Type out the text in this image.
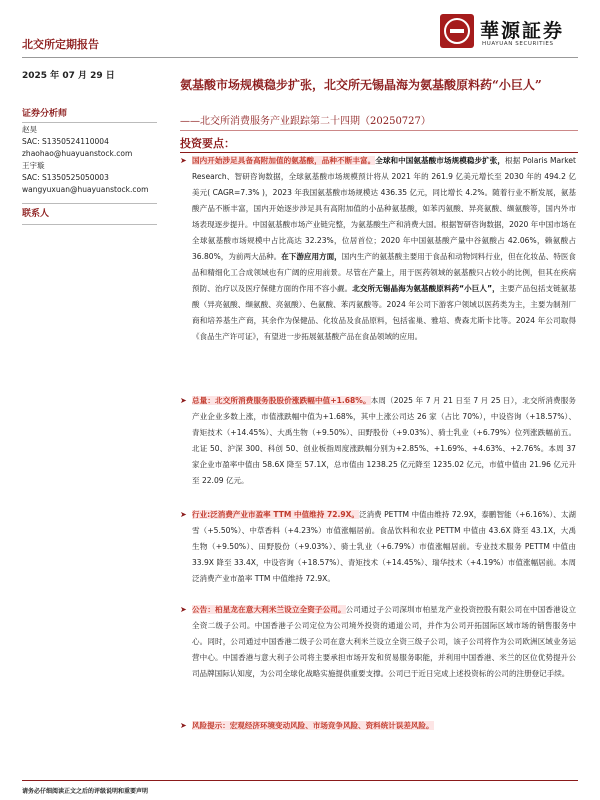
北交所定期报告
華源証券
HUAYUAN SECURITIES
2025 年 07 月 29 日
证券分析师
赵昊
SAC: S1350524110004
zhaohao@huayuanstock.com
王宇璇
SAC: S1350525050003
wangyuxuan@huayuanstock.com
联系人
氨基酸市场规模稳步扩张，北交所无锡晶海为氨基酸原料药“小巨人”
——北交所消费服务产业跟踪第二十四期（20250727）
投资要点：
➤ 国内开始涉足具备高附加值的氨基酸，品种不断丰富。全球和中国氨基酸市场规模稳步扩张，根据 Polaris Market Research、智研咨询数据，全球氨基酸市场规模预计将从 2021 年的 261.9 亿美元增长至 2030 年的 494.2 亿美元( CAGR=7.3% )，2023 年我国氨基酸市场规模达 436.35 亿元，同比增长 4.2%。随着行业不断发展，氨基酸产品不断丰富，国内开始逐步涉足具有高附加值的小品种氨基酸，如苯丙氨酸、异亮氨酸、缬氨酸等，国内外市场表现逐步提升。中国氨基酸市场产业链完整，为氨基酸生产和消费大国。根据智研咨询数据，2020 年中国市场在全球氨基酸市场规模中占比高达 32.23%，位居首位；2020 年中国氨基酸产量中谷氨酸占 42.06%，赖氨酸占 36.80%，为前两大品种。在下游应用方面，国内生产的氨基酸主要用于食品和动物饲料行业，但在化妆品、特医食品和精细化工合成领域也有广阔的应用前景。尽管在产量上，用于医药领域的氨基酸只占较小的比例，但其在疾病预防、治疗以及医疗保健方面的作用不容小觑。北交所无锡晶海为氨基酸原料药“小巨人”，主要产品包括支链氨基酸（异亮氨酸、缬氨酸、亮氨酸）、色氨酸、苯丙氨酸等。2024 年公司下游客户领域以医药类为主，主要为制剂厂商和培养基生产商，其余作为保健品、化妆品及食品原料，包括雀巢、雅培、费森尤斯卡比等。2024 年公司取得《食品生产许可证》，有望进一步拓展氨基酸产品在食品领域的应用。
➤ 总量：北交所消费服务股股价涨跌幅中值+1.68%。本周（2025 年 7 月 21 日至 7 月 25 日），北交所消费服务产业企业多数上涨，市值涨跌幅中值为+1.68%，其中上涨公司达 26 家（占比 70%），中设咨询（+18.57%）、青矩技术（+14.45%）、大禹生物（+9.50%）、田野股份（+9.03%）、骑士乳业（+6.79%）位列涨跌幅前五。北证 50、沪深 300、科创 50、创业板指周度涨跌幅分别为+2.85%、+1.69%、+4.63%、+2.76%。本周 37 家企业市盈率中值由 58.6X 降至 57.1X，总市值由 1238.25 亿元降至 1235.02 亿元，市值中值由 21.96 亿元升至 22.09 亿元。
➤ 行业:泛消费产业市盈率 TTM 中值维持 72.9X。泛消费 PETTM 中值由维持 72.9X，泰鹏智能（+6.16%）、太湖雪（+5.50%）、中草香料（+4.23%）市值涨幅居前。食品饮料和农业 PETTM 中值由 43.6X 降至 43.1X，大禹生物（+9.50%）、田野股份（+9.03%）、骑士乳业（+6.79%）市值涨幅居前。专业技术服务 PETTM 中值由 33.9X 降至 33.4X，中设咨询（+18.57%）、青矩技术（+14.45%）、瑞华技术（+4.19%）市值涨幅居前。本周泛消费产业市盈率 TTM 中值维持 72.9X。
➤ 公告：柏星龙在意大利米兰设立全资子公司。公司通过子公司深圳市柏星龙产业投资控股有限公司在中国香港设立全资二级子公司。中国香港子公司定位为公司境外投资的通道公司，并作为公司开拓国际区域市场的销售服务中心。同时，公司通过中国香港二级子公司在意大利米兰设立全资三级子公司，该子公司将作为公司欧洲区域业务运营中心。中国香港与意大利子公司将主要承担市场开发和贸易服务职能，并利用中国香港、米兰的区位优势提升公司品牌国际认知度，为公司全球化战略实施提供重要支撑。公司已于近日完成上述投资标的公司的注册登记手续。
➤ 风险提示：宏观经济环境变动风险、市场竞争风险、资料统计误差风险。
请务必仔细阅读正文之后的评级说明和重要声明
